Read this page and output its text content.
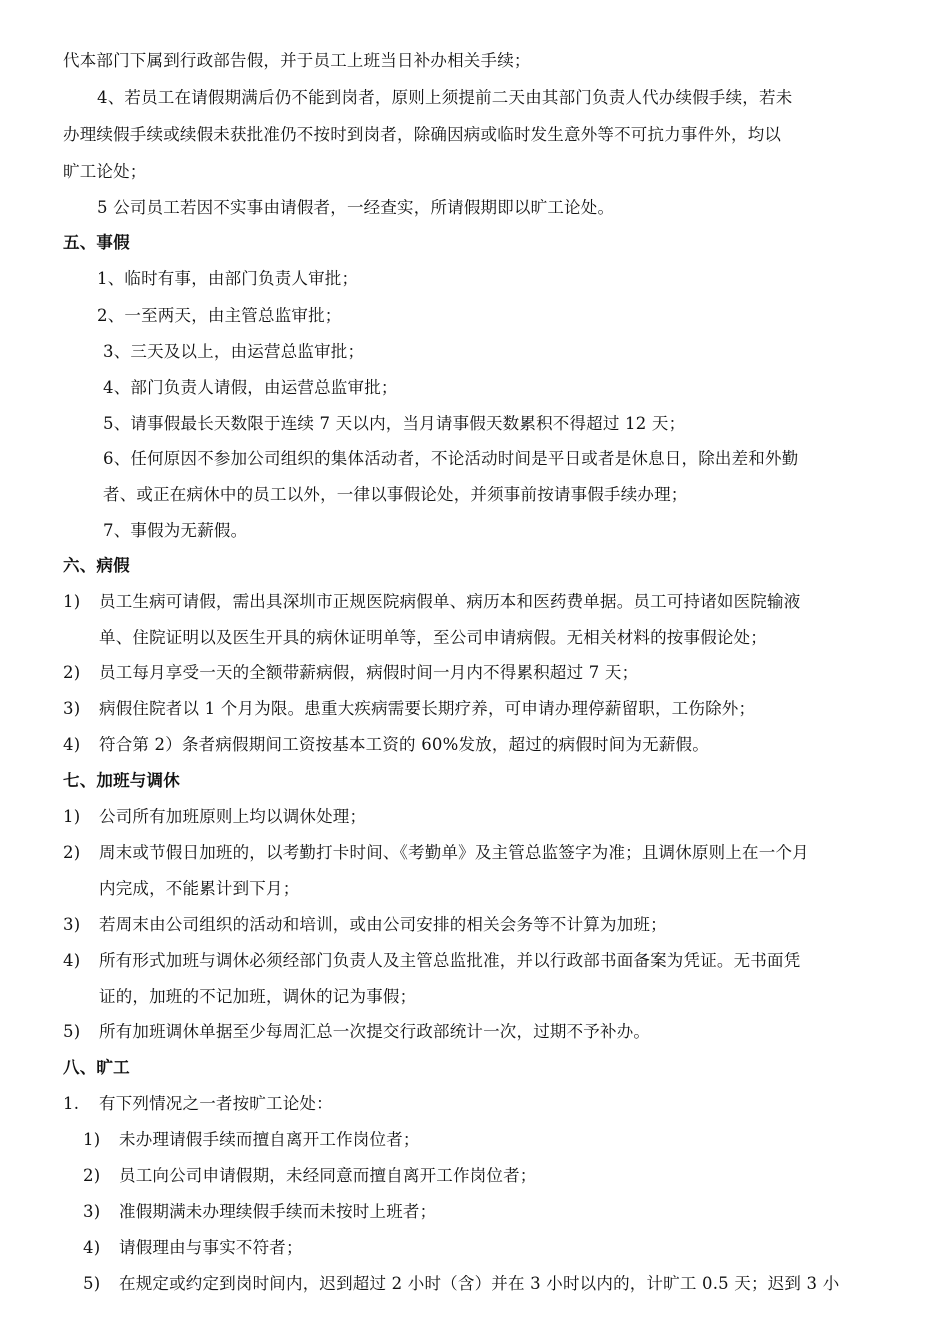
代本部门下属到行政部告假，并于员工上班当日补办相关手续；
4、若员工在请假期满后仍不能到岗者，原则上须提前二天由其部门负责人代办续假手续，若未
办理续假手续或续假未获批准仍不按时到岗者，除确因病或临时发生意外等不可抗力事件外，均以
旷工论处；
5 公司员工若因不实事由请假者，一经查实，所请假期即以旷工论处。
五、事假
1、临时有事，由部门负责人审批；
2、一至两天，由主管总监审批；
3、三天及以上，由运营总监审批；
4、部门负责人请假，由运营总监审批；
5、请事假最长天数限于连续 7 天以内，当月请事假天数累积不得超过 12 天；
6、任何原因不参加公司组织的集体活动者，不论活动时间是平日或者是休息日，除出差和外勤
者、或正在病休中的员工以外，一律以事假论处，并须事前按请事假手续办理；
7、事假为无薪假。
六、病假
1) 员工生病可请假，需出具深圳市正规医院病假单、病历本和医药费单据。员工可持诸如医院输液
单、住院证明以及医生开具的病休证明单等，至公司申请病假。无相关材料的按事假论处；
2) 员工每月享受一天的全额带薪病假，病假时间一月内不得累积超过 7 天；
3) 病假住院者以 1 个月为限。患重大疾病需要长期疗养，可申请办理停薪留职，工伤除外；
4) 符合第 2）条者病假期间工资按基本工资的 60%发放，超过的病假时间为无薪假。
七、加班与调休
1) 公司所有加班原则上均以调休处理；
2) 周末或节假日加班的，以考勤打卡时间、《考勤单》及主管总监签字为准；且调休原则上在一个月
内完成，不能累计到下月；
3) 若周末由公司组织的活动和培训，或由公司安排的相关会务等不计算为加班；
4) 所有形式加班与调休必须经部门负责人及主管总监批准，并以行政部书面备案为凭证。无书面凭
证的，加班的不记加班，调休的记为事假；
5) 所有加班调休单据至少每周汇总一次提交行政部统计一次，过期不予补办。
八、旷工
1. 有下列情况之一者按旷工论处：
1) 未办理请假手续而擅自离开工作岗位者；
2) 员工向公司申请假期，未经同意而擅自离开工作岗位者；
3) 准假期满未办理续假手续而未按时上班者；
4) 请假理由与事实不符者；
5) 在规定或约定到岗时间内，迟到超过 2 小时（含）并在 3 小时以内的，计旷工 0.5 天；迟到 3 小
